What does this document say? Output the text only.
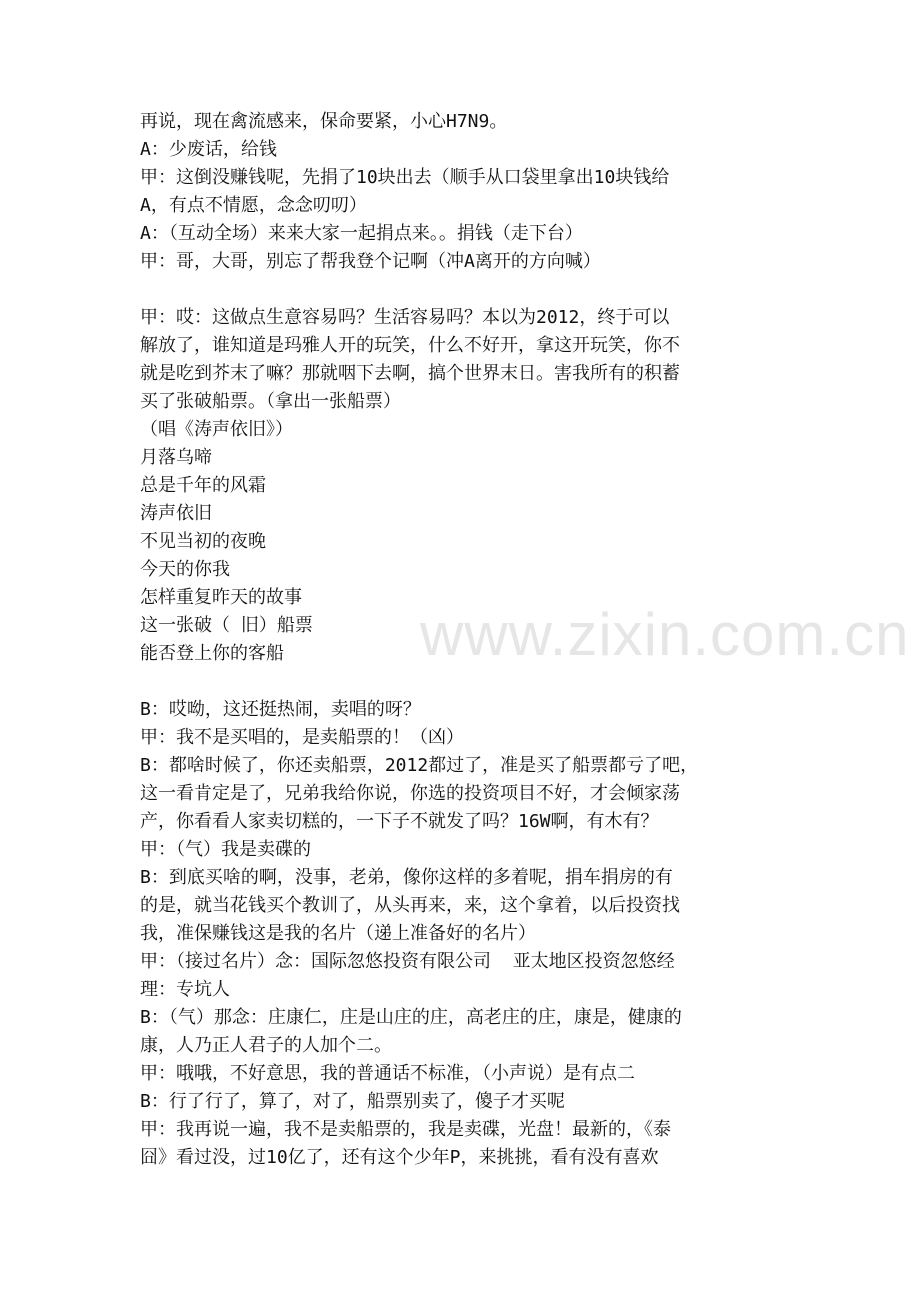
www.zixin.com.cn
再说，现在禽流感来，保命要紧，小心H7N9。
A：少废话，给钱
甲：这倒没赚钱呢，先捐了10块出去（顺手从口袋里拿出10块钱给
A，有点不情愿，念念叨叨）
A：（互动全场）来来大家一起捐点来。。捐钱（走下台）
甲：哥，大哥，别忘了帮我登个记啊（冲A离开的方向喊）
甲：哎：这做点生意容易吗？生活容易吗？本以为2012，终于可以
解放了，谁知道是玛雅人开的玩笑，什么不好开，拿这开玩笑，你不
就是吃到芥末了嘛？那就咽下去啊，搞个世界末日。害我所有的积蓄
买了张破船票。（拿出一张船票）
（唱《涛声依旧》）
月落乌啼
总是千年的风霜
涛声依旧
不见当初的夜晚
今天的你我
怎样重复昨天的故事
这一张破（ 旧）船票
能否登上你的客船
B：哎呦，这还挺热闹，卖唱的呀？
甲：我不是买唱的，是卖船票的！（凶）
B：都啥时候了，你还卖船票，2012都过了，准是买了船票都亏了吧，
这一看肯定是了，兄弟我给你说，你选的投资项目不好，才会倾家荡
产，你看看人家卖切糕的，一下子不就发了吗？16W啊，有木有？
甲：（气）我是卖碟的
B：到底买啥的啊，没事，老弟，像你这样的多着呢，捐车捐房的有
的是，就当花钱买个教训了，从头再来，来，这个拿着，以后投资找
我，准保赚钱这是我的名片（递上准备好的名片）
甲：（接过名片）念：国际忽悠投资有限公司  亚太地区投资忽悠经
理：专坑人
B：（气）那念：庄康仁，庄是山庄的庄，高老庄的庄，康是，健康的
康，人乃正人君子的人加个二。
甲：哦哦，不好意思，我的普通话不标准，（小声说）是有点二
B：行了行了，算了，对了，船票别卖了，傻子才买呢
甲：我再说一遍，我不是卖船票的，我是卖碟，光盘！最新的，《泰
囧》看过没，过10亿了，还有这个少年P，来挑挑，看有没有喜欢
